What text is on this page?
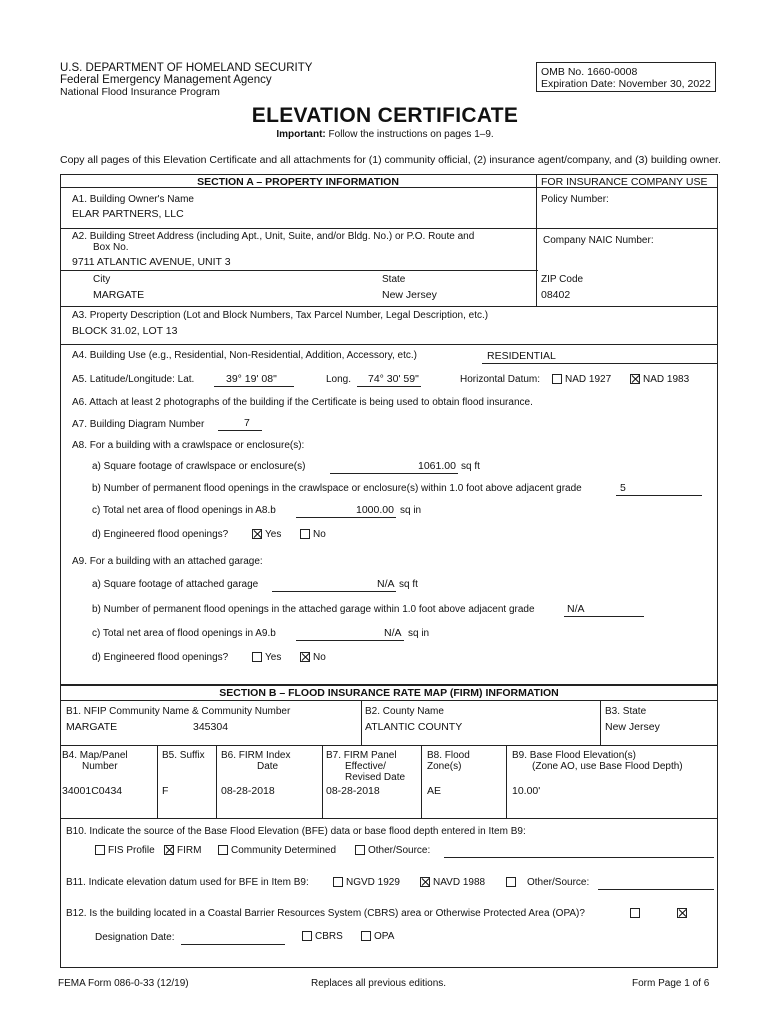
U.S. DEPARTMENT OF HOMELAND SECURITY
Federal Emergency Management Agency
National Flood Insurance Program
OMB No. 1660-0008
Expiration Date: November 30, 2022
ELEVATION CERTIFICATE
Important: Follow the instructions on pages 1–9.
Copy all pages of this Elevation Certificate and all attachments for (1) community official, (2) insurance agent/company, and (3) building owner.
SECTION A – PROPERTY INFORMATION	FOR INSURANCE COMPANY USE
A1. Building Owner's Name
ELAR PARTNERS, LLC
Policy Number:
A2. Building Street Address (including Apt., Unit, Suite, and/or Bldg. No.) or P.O. Route and
Box No.
9711 ATLANTIC AVENUE, UNIT 3
Company NAIC Number:
City
MARGATE
State
New Jersey
ZIP Code
08402
A3. Property Description (Lot and Block Numbers, Tax Parcel Number, Legal Description, etc.)
BLOCK 31.02, LOT 13
A4. Building Use (e.g., Residential, Non-Residential, Addition, Accessory, etc.)	RESIDENTIAL
A5. Latitude/Longitude: Lat.	39° 19' 08"	Long. 74° 30' 59"	Horizontal Datum:	NAD 1927	NAD 1983
A6. Attach at least 2 photographs of the building if the Certificate is being used to obtain flood insurance.
A7. Building Diagram Number	7
A8. For a building with a crawlspace or enclosure(s):
a) Square footage of crawlspace or enclosure(s)	1061.00 sq ft
b) Number of permanent flood openings in the crawlspace or enclosure(s) within 1.0 foot above adjacent grade	5
c) Total net area of flood openings in A8.b	1000.00 sq in
d) Engineered flood openings?	Yes	No
A9. For a building with an attached garage:
a) Square footage of attached garage	N/A sq ft
b) Number of permanent flood openings in the attached garage within 1.0 foot above adjacent grade	N/A
c) Total net area of flood openings in A9.b	N/A sq in
d) Engineered flood openings?	Yes	No
SECTION B – FLOOD INSURANCE RATE MAP (FIRM) INFORMATION
B1. NFIP Community Name & Community Number
MARGATE	345304
B2. County Name
ATLANTIC COUNTY
B3. State
New Jersey
B4. Map/Panel
Number
34001C0434
B5. Suffix
F
B6. FIRM Index
Date
08-28-2018
B7. FIRM Panel
Effective/
Revised Date
08-28-2018
B8. Flood
Zone(s)
AE
B9. Base Flood Elevation(s)
(Zone AO, use Base Flood Depth)
10.00'
B10. Indicate the source of the Base Flood Elevation (BFE) data or base flood depth entered in Item B9:
FIS Profile	FIRM	Community Determined	Other/Source:
B11. Indicate elevation datum used for BFE in Item B9:	NGVD 1929	NAVD 1988	Other/Source:
B12. Is the building located in a Coastal Barrier Resources System (CBRS) area or Otherwise Protected Area (OPA)?
Designation Date:	CBRS	OPA
FEMA Form 086-0-33 (12/19)	Replaces all previous editions.	Form Page 1 of 6
